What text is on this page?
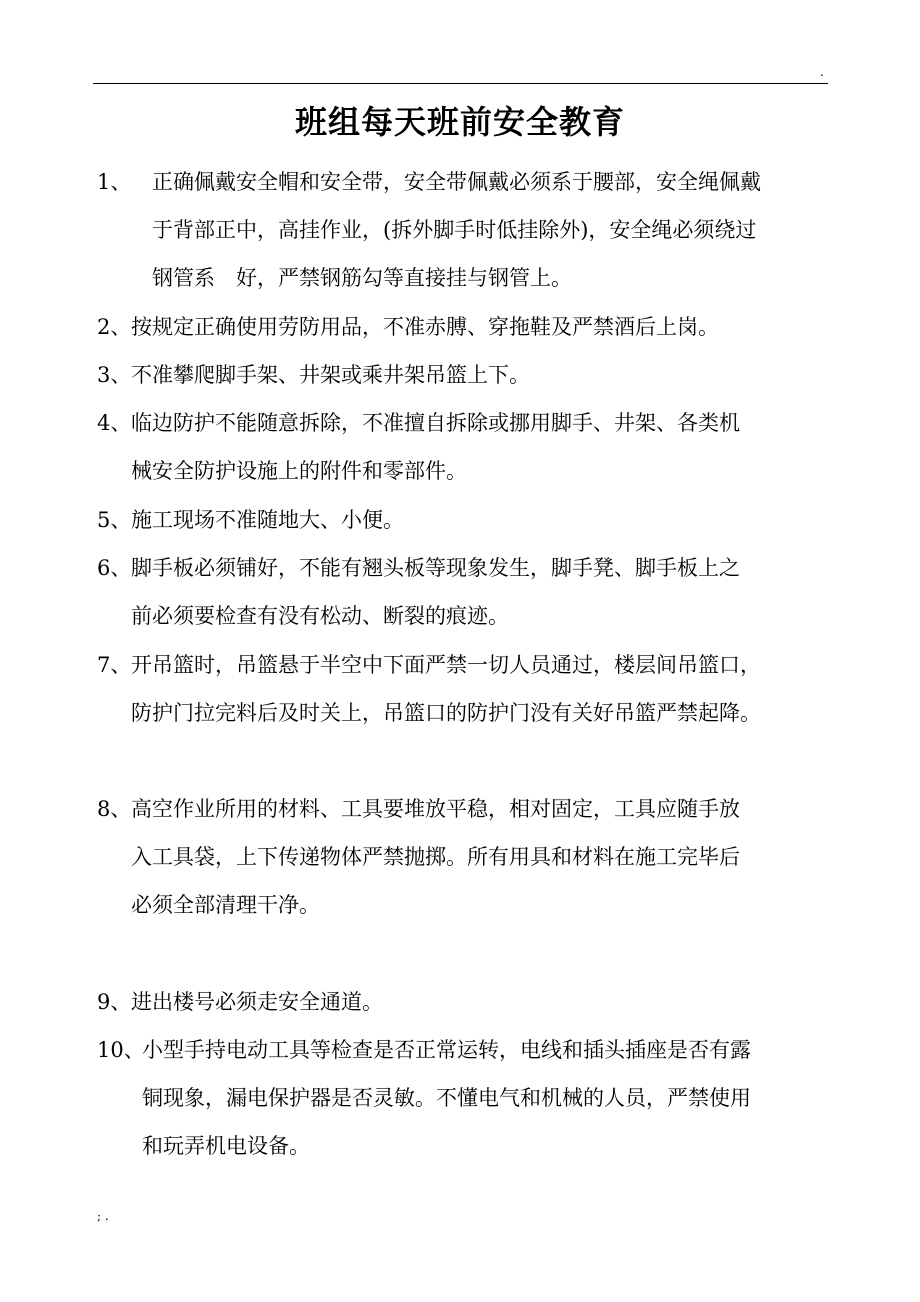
.
班组每天班前安全教育
1、 正确佩戴安全帽和安全带，安全带佩戴必须系于腰部，安全绳佩戴
于背部正中，高挂作业，(拆外脚手时低挂除外)，安全绳必须绕过
钢管系　好，严禁钢筋勾等直接挂与钢管上。
2、 按规定正确使用劳防用品，不准赤膊、穿拖鞋及严禁酒后上岗。
3、 不准攀爬脚手架、井架或乘井架吊篮上下。
4、 临边防护不能随意拆除，不准擅自拆除或挪用脚手、井架、各类机
械安全防护设施上的附件和零部件。
5、 施工现场不准随地大、小便。
6、 脚手板必须铺好，不能有翘头板等现象发生，脚手凳、脚手板上之
前必须要检查有没有松动、断裂的痕迹。
7、 开吊篮时，吊篮悬于半空中下面严禁一切人员通过，楼层间吊篮口，
防护门拉完料后及时关上，吊篮口的防护门没有关好吊篮严禁起降。
8、 高空作业所用的材料、工具要堆放平稳，相对固定，工具应随手放
入工具袋，上下传递物体严禁抛掷。所有用具和材料在施工完毕后
必须全部清理干净。
9、 进出楼号必须走安全通道。
10、
小型手持电动工具等检查是否正常运转，电线和插头插座是否有露
铜现象，漏电保护器是否灵敏。不懂电气和机械的人员，严禁使用
和玩弄机电设备。
; .
